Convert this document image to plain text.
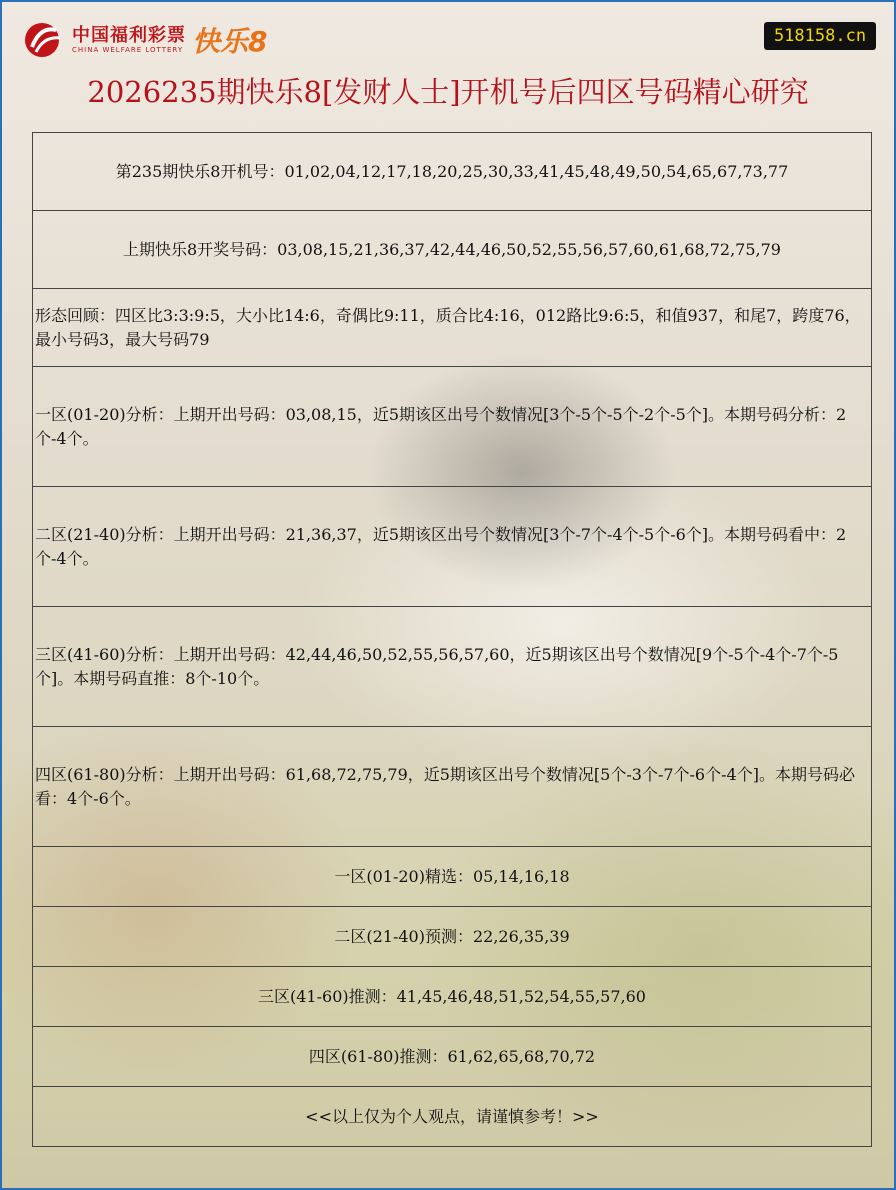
中国福利彩票
CHINA WELFARE LOTTERY 快乐8	518158.cn
2026235期快乐8[发财人士]开机号后四区号码精心研究
第235期快乐8开机号：01,02,04,12,17,18,20,25,30,33,41,45,48,49,50,54,65,67,73,77
上期快乐8开奖号码：03,08,15,21,36,37,42,44,46,50,52,55,56,57,60,61,68,72,75,79
形态回顾：四区比3:3:9:5，大小比14:6，奇偶比9:11，质合比4:16，012路比9:6:5，和值937，和尾7，跨度76，最小号码3，最大号码79
一区(01-20)分析：上期开出号码：03,08,15，近5期该区出号个数情况[3个-5个-5个-2个-5个]。本期号码分析：2个-4个。
二区(21-40)分析：上期开出号码：21,36,37，近5期该区出号个数情况[3个-7个-4个-5个-6个]。本期号码看中：2个-4个。
三区(41-60)分析：上期开出号码：42,44,46,50,52,55,56,57,60，近5期该区出号个数情况[9个-5个-4个-7个-5个]。本期号码直推：8个-10个。
四区(61-80)分析：上期开出号码：61,68,72,75,79，近5期该区出号个数情况[5个-3个-7个-6个-4个]。本期号码必看：4个-6个。
一区(01-20)精选：05,14,16,18
二区(21-40)预测：22,26,35,39
三区(41-60)推测：41,45,46,48,51,52,54,55,57,60
四区(61-80)推测：61,62,65,68,70,72
<<以上仅为个人观点，请谨慎参考！>>
